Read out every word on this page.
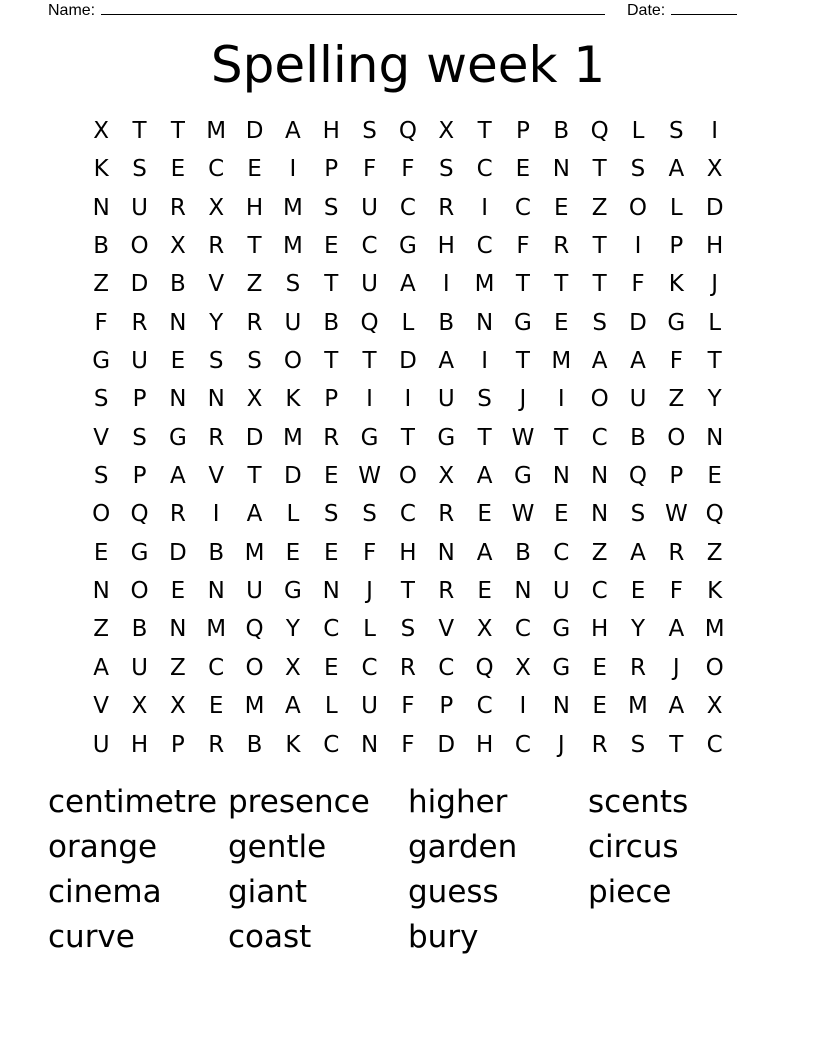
Name:	Date:
Spelling week 1
X	T	T M D A H S Q X	T	P	B Q L	S	I
K	S	E	C	E	I	P	F	F	S	C	E N T	S	A X
N U R X H M S U C R	I	C	E	Z O L	D
B O X R	T M E	C G H C	F	R	T	I	P H
Z D B V Z	S	T U A	I	M T	T	T	F	K	J
F	R N Y	R U B Q L	B N G E	S D G	L
G U E	S	S O T	T D A	I	T M A A	F	T
S	P N N X K	P	I	I	U S	J	I	O U Z	Y
V	S G R D M R G T G T W T	C B O N
S	P	A V	T D E W O X A G N N Q P	E
O Q R	I	A	L	S	S	C R	E W E N S W Q
E G D B M E	E	F	H N A B C Z A R Z
N O E N U G N	J	T	R	E N U C	E	F	K
Z B N M Q Y	C	L	S	V X C G H Y	A M
A U Z C O X	E	C R C Q X G E	R	J	O
V X X	E M A	L	U	F	P	C	I	N E M A X
U H P	R B K C N	F D H C	J	R	S	T	C
centimetre presence	higher	scents
orange	gentle	garden	circus
cinema	giant	guess	piece
curve	coast	bury
